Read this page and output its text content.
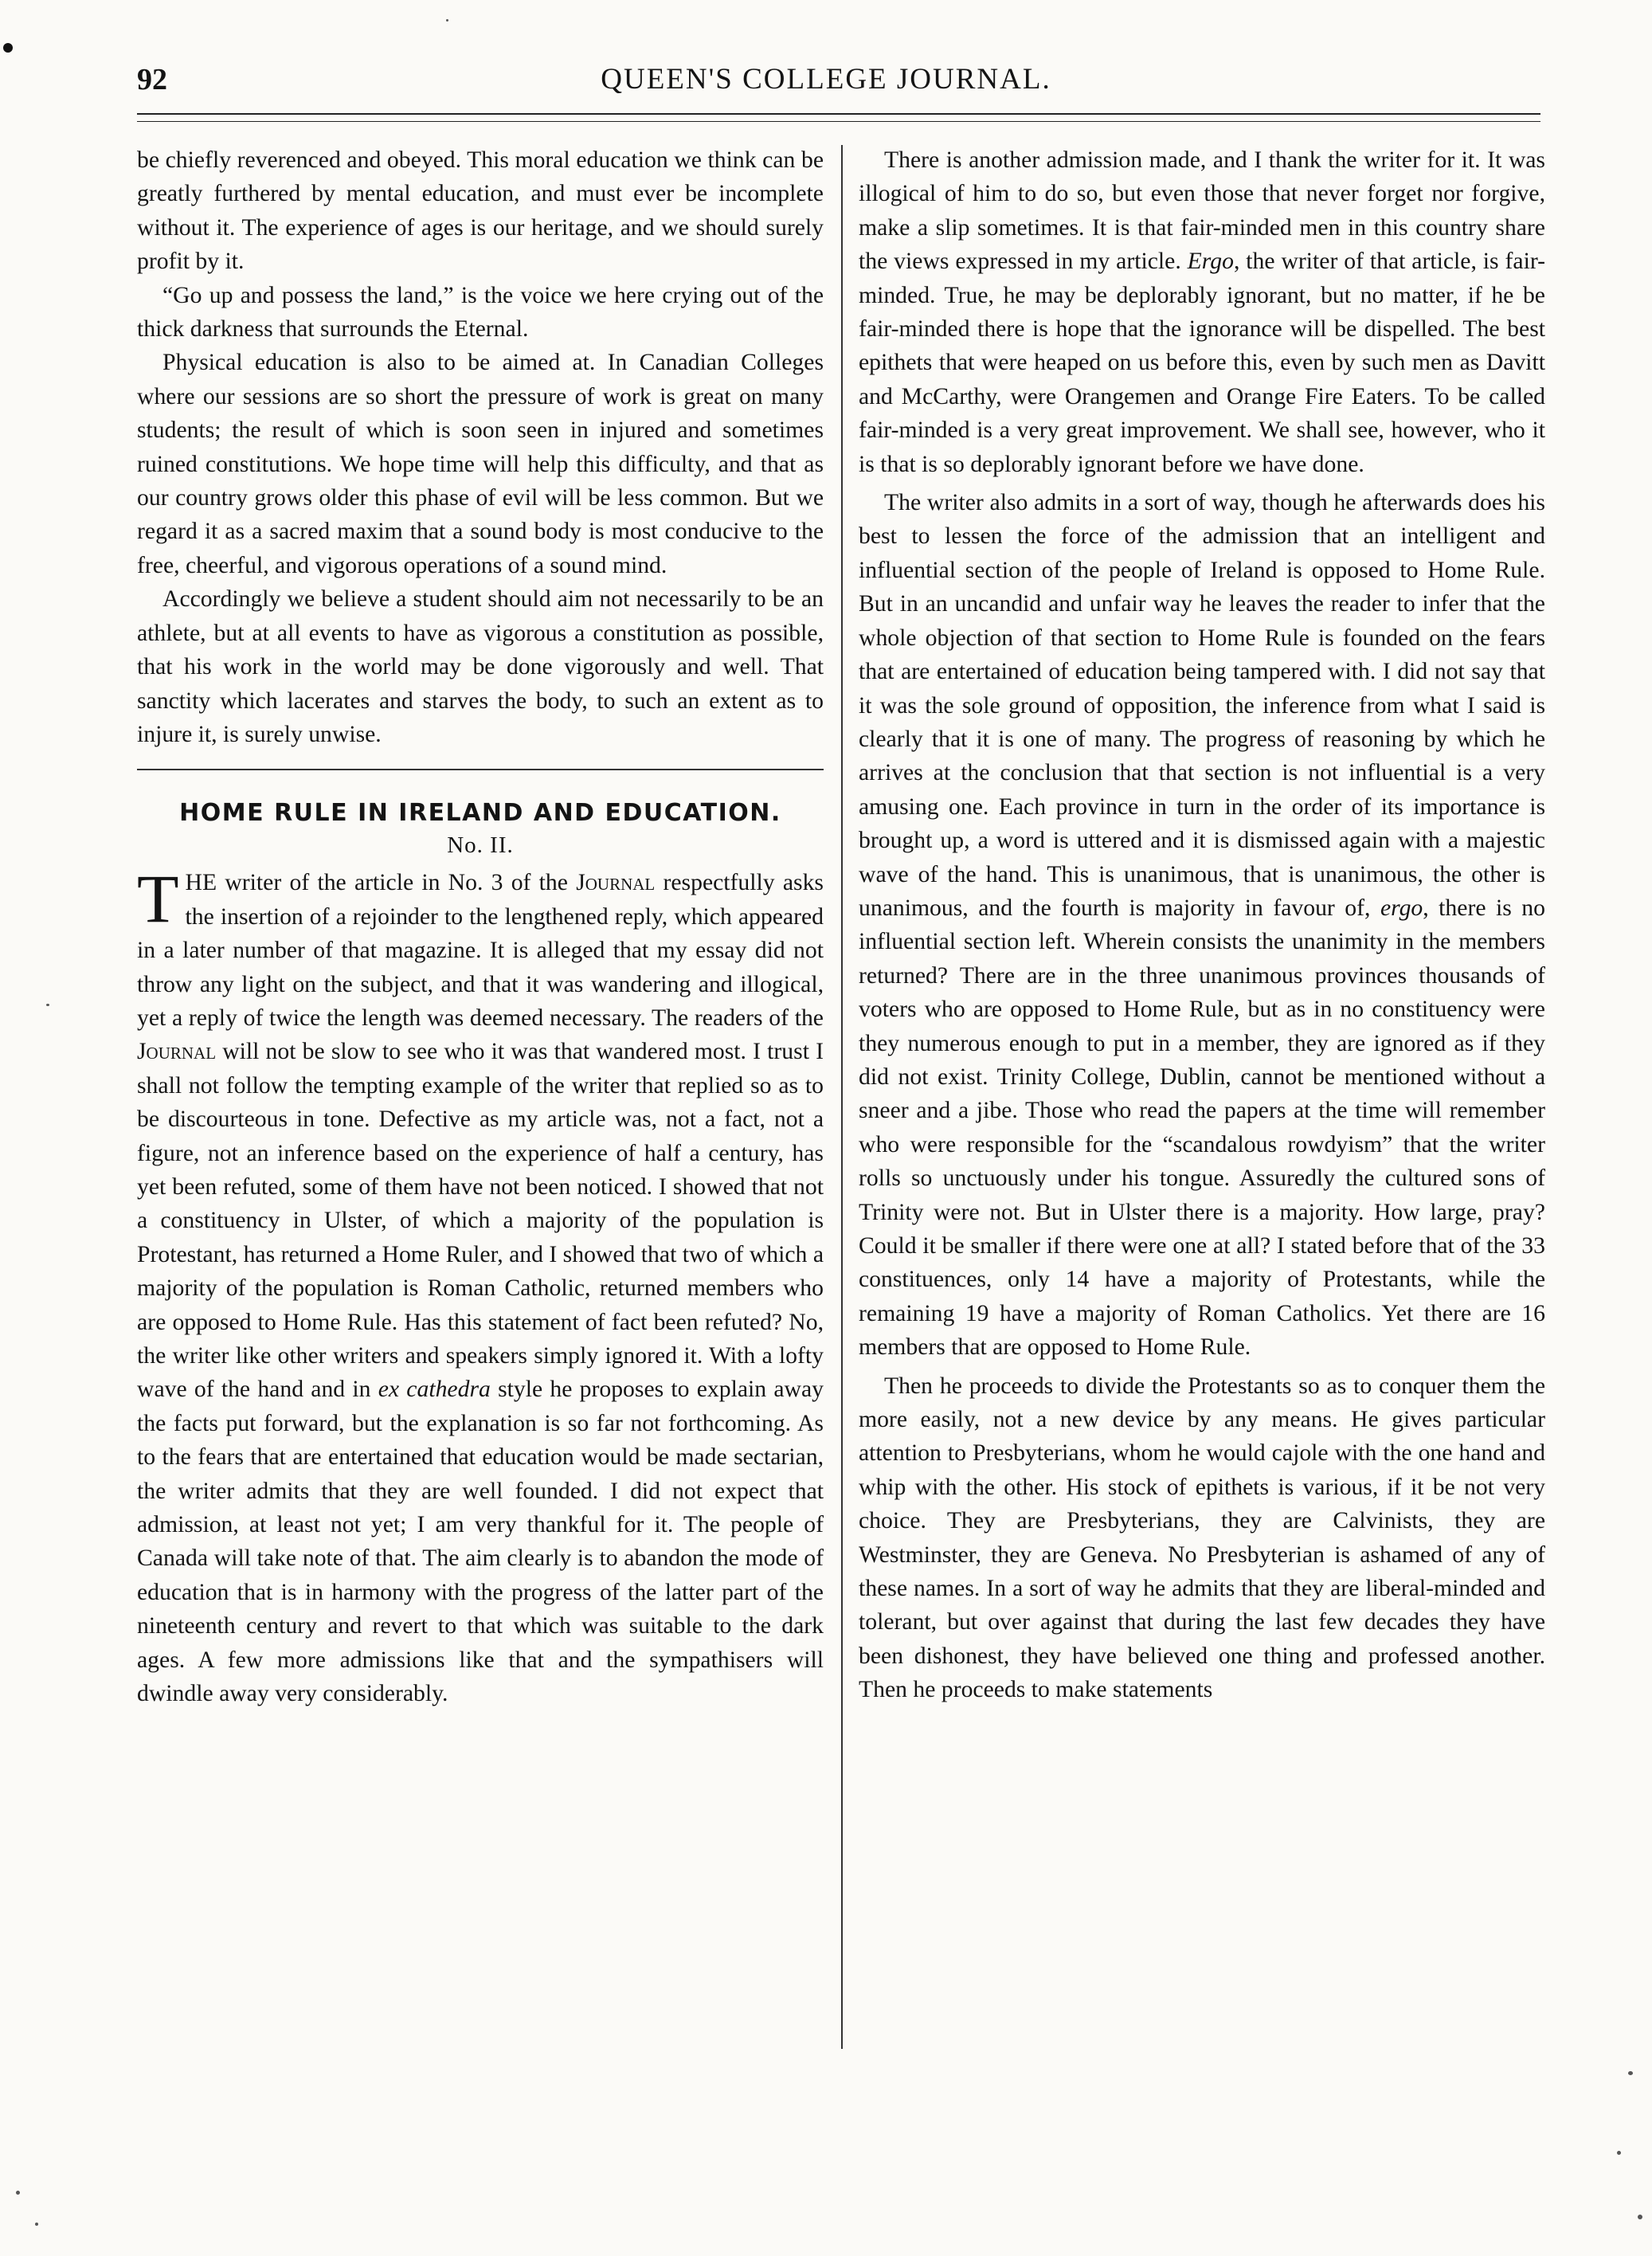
92	QUEEN'S COLLEGE JOURNAL.

be chiefly reverenced and obeyed. This moral education we think can be greatly furthered by mental education, and must ever be incomplete without it. The experience of ages is our heritage, and we should surely profit by it.

“Go up and possess the land,” is the voice we here crying out of the thick darkness that surrounds the Eternal.

Physical education is also to be aimed at. In Canadian Colleges where our sessions are so short the pressure of work is great on many students; the result of which is soon seen in injured and sometimes ruined constitutions. We hope time will help this difficulty, and that as our country grows older this phase of evil will be less common. But we regard it as a sacred maxim that a sound body is most conducive to the free, cheerful, and vigorous operations of a sound mind.

Accordingly we believe a student should aim not necessarily to be an athlete, but at all events to have as vigorous a constitution as possible, that his work in the world may be done vigorously and well. That sanctity which lacerates and starves the body, to such an extent as to injure it, is surely unwise.

HOME RULE IN IRELAND AND EDUCATION.
No. II.

THE writer of the article in No. 3 of the Journal respectfully asks the insertion of a rejoinder to the lengthened reply, which appeared in a later number of that magazine. It is alleged that my essay did not throw any light on the subject, and that it was wandering and illogical, yet a reply of twice the length was deemed necessary. The readers of the Journal will not be slow to see who it was that wandered most. I trust I shall not follow the tempting example of the writer that replied so as to be discourteous in tone. Defective as my article was, not a fact, not a figure, not an inference based on the experience of half a century, has yet been refuted, some of them have not been noticed. I showed that not a constituency in Ulster, of which a majority of the population is Protestant, has returned a Home Ruler, and I showed that two of which a majority of the population is Roman Catholic, returned members who are opposed to Home Rule. Has this statement of fact been refuted? No, the writer like other writers and speakers simply ignored it. With a lofty wave of the hand and in ex cathedra style he proposes to explain away the facts put forward, but the explanation is so far not forthcoming. As to the fears that are entertained that education would be made sectarian, the writer admits that they are well founded. I did not expect that admission, at least not yet; I am very thankful for it. The people of Canada will take note of that. The aim clearly is to abandon the mode of education that is in harmony with the progress of the latter part of the nineteenth century and revert to that which was suitable to the dark ages. A few more admissions like that and the sympathisers will dwindle away very considerably.

There is another admission made, and I thank the writer for it. It was illogical of him to do so, but even those that never forget nor forgive, make a slip sometimes. It is that fair-minded men in this country share the views expressed in my article. Ergo, the writer of that article, is fair-minded. True, he may be deplorably ignorant, but no matter, if he be fair-minded there is hope that the ignorance will be dispelled. The best epithets that were heaped on us before this, even by such men as Davitt and McCarthy, were Orangemen and Orange Fire Eaters. To be called fair-minded is a very great improvement. We shall see, however, who it is that is so deplorably ignorant before we have done.

The writer also admits in a sort of way, though he afterwards does his best to lessen the force of the admission that an intelligent and influential section of the people of Ireland is opposed to Home Rule. But in an uncandid and unfair way he leaves the reader to infer that the whole objection of that section to Home Rule is founded on the fears that are entertained of education being tampered with. I did not say that it was the sole ground of opposition, the inference from what I said is clearly that it is one of many. The progress of reasoning by which he arrives at the conclusion that that section is not influential is a very amusing one. Each province in turn in the order of its importance is brought up, a word is uttered and it is dismissed again with a majestic wave of the hand. This is unanimous, that is unanimous, the other is unanimous, and the fourth is majority in favour of, ergo, there is no influential section left. Wherein consists the unanimity in the members returned? There are in the three unanimous provinces thousands of voters who are opposed to Home Rule, but as in no constituency were they numerous enough to put in a member, they are ignored as if they did not exist. Trinity College, Dublin, cannot be mentioned without a sneer and a jibe. Those who read the papers at the time will remember who were responsible for the “scandalous rowdyism” that the writer rolls so unctuously under his tongue. Assuredly the cultured sons of Trinity were not. But in Ulster there is a majority. How large, pray? Could it be smaller if there were one at all? I stated before that of the 33 constituences, only 14 have a majority of Protestants, while the remaining 19 have a majority of Roman Catholics. Yet there are 16 members that are opposed to Home Rule.

Then he proceeds to divide the Protestants so as to conquer them the more easily, not a new device by any means. He gives particular attention to Presbyterians, whom he would cajole with the one hand and whip with the other. His stock of epithets is various, if it be not very choice. They are Presbyterians, they are Calvinists, they are Westminster, they are Geneva. No Presbyterian is ashamed of any of these names. In a sort of way he admits that they are liberal-minded and tolerant, but over against that during the last few decades they have been dishonest, they have believed one thing and professed another. Then he proceeds to make statements
